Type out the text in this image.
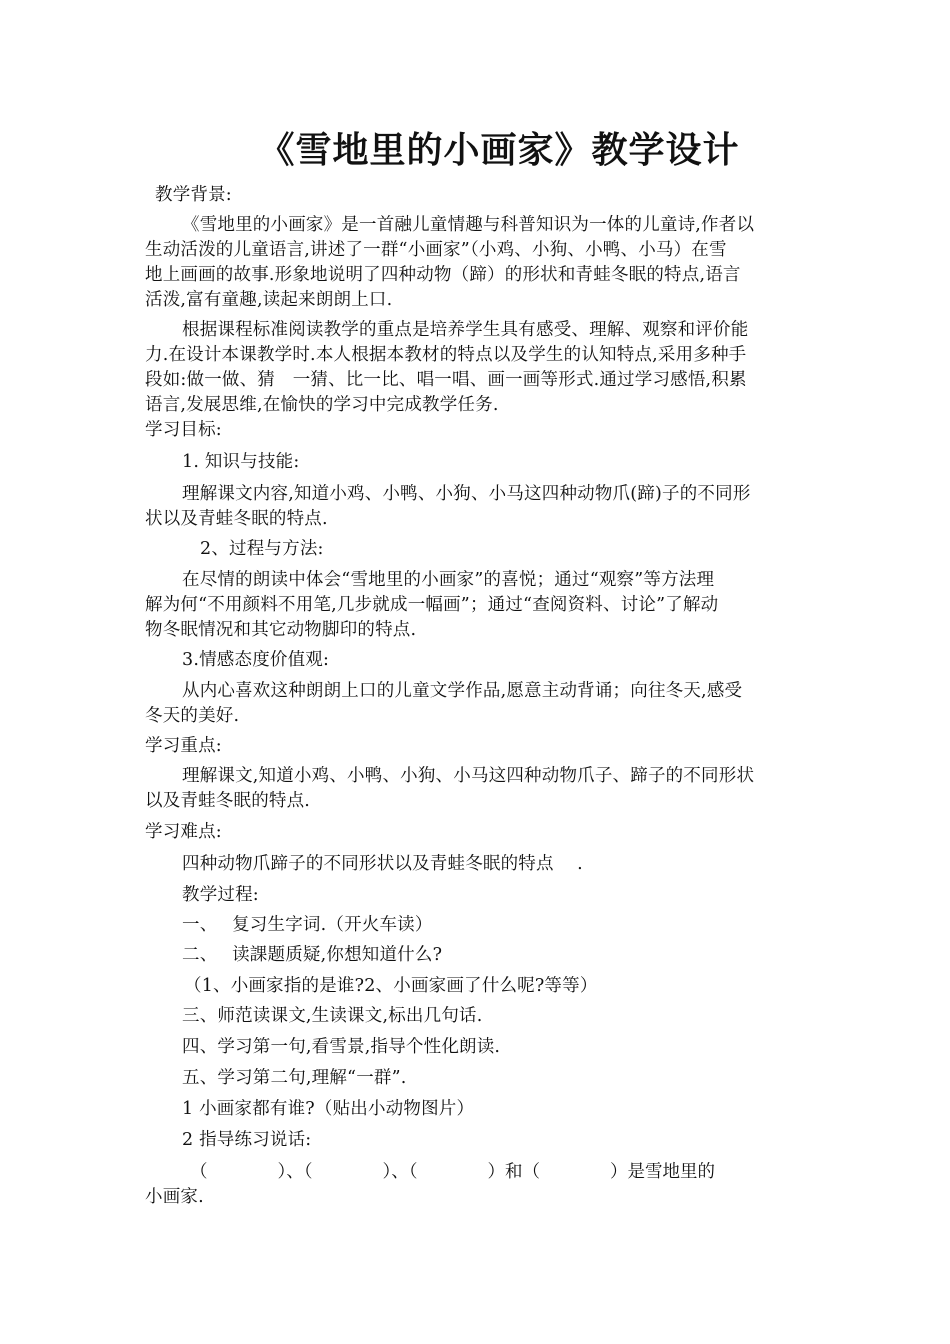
《雪地里的小画家》教学设计
教学背景:
《雪地里的小画家》是一首融儿童情趣与科普知识为一体的儿童诗,作者以
生动活泼的儿童语言,讲述了一群“小画家”（小鸡、小狗、小鸭、小马）在雪
地上画画的故事.形象地说明了四种动物（蹄）的形状和青蛙冬眠的特点,语言
活泼,富有童趣,读起来朗朗上口.
根据课程标准阅读教学的重点是培养学生具有感受、理解、观察和评价能
力.在设计本课教学时.本人根据本教材的特点以及学生的认知特点,采用多种手
段如:做一做、猜　一猜、比一比、唱一唱、画一画等形式.通过学习感悟,积累
语言,发展思维,在愉快的学习中完成教学任务.
学习目标:
1. 知识与技能:
理解课文内容,知道小鸡、小鸭、小狗、小马这四种动物爪(蹄)子的不同形
状以及青蛙冬眠的特点.
2、过程与方法:
在尽情的朗读中体会“雪地里的小画家”的喜悦；通过“观察”等方法理
解为何“不用颜料不用笔,几步就成一幅画”；通过“查阅资料、讨论”了解动
物冬眠情况和其它动物脚印的特点.
3.情感态度价值观:
从内心喜欢这种朗朗上口的儿童文学作品,愿意主动背诵；向往冬天,感受
冬天的美好.
学习重点:
理解课文,知道小鸡、小鸭、小狗、小马这四种动物爪子、蹄子的不同形状
以及青蛙冬眠的特点.
学习难点:
四种动物爪蹄子的不同形状以及青蛙冬眠的特点　 .
教学过程:
一、　 复习生字词.（开火车读）
二、　 读課题质疑,你想知道什么?
（1、小画家指的是谁?2、小画家画了什么呢?等等）
三、师范读课文,生读课文,标出几句话.
四、学习第一句,看雪景,指导个性化朗读.
五、学习第二句,理解“一群”.
1 小画家都有谁?（贴出小动物图片）
2 指导练习说话:
（　　　　）、（　　　　）、（　　　　）和（　　　　）是雪地里的
小画家.
